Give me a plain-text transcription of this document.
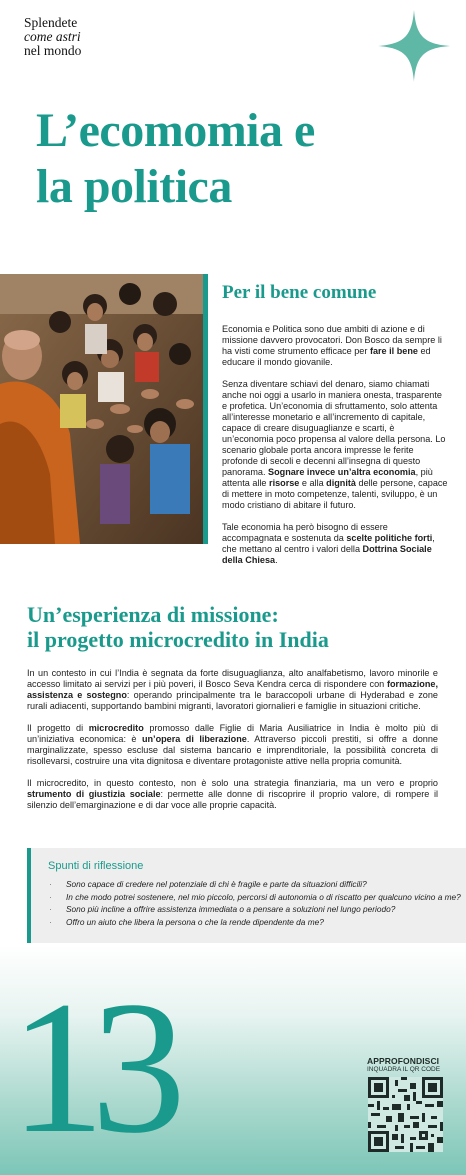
Splendete
come astri
nel mondo
L’ecomomia e
la politica
Per il bene comune

Economia e Politica sono due ambiti di azione e di missione davvero provocatori. Don Bosco da sempre li ha visti come strumento efficace per fare il bene ed educare il mondo giovanile.

Senza diventare schiavi del denaro, siamo chiamati anche noi oggi a usarlo in maniera onesta, trasparente e profetica. Un’economia di sfruttamento, solo attenta all’interesse monetario e all’incremento di capitale, capace di creare disuguaglianze e scarti, è un’economia poco propensa al valore della persona. Lo scenario globale porta ancora impresse le ferite profonde di secoli e decenni all’insegna di questo panorama. Sognare invece un’altra economia, più attenta alle risorse e alla dignità delle persone, capace di mettere in moto competenze, talenti, sviluppo, è un modo cristiano di abitare il futuro.

Tale economia ha però bisogno di essere accompagnata e sostenuta da scelte politiche forti, che mettano al centro i valori della Dottrina Sociale della Chiesa.

Un’esperienza di missione:
il progetto microcredito in India

In un contesto in cui l’India è segnata da forte disuguaglianza, alto analfabetismo, lavoro minorile e accesso limitato ai servizi per i più poveri, il Bosco Seva Kendra cerca di rispondere con formazione, assistenza e sostegno: operando principalmente tra le baraccopoli urbane di Hyderabad e zone rurali adiacenti, supportando bambini migranti, lavoratori giornalieri e famiglie in situazioni critiche.

Il progetto di microcredito promosso dalle Figlie di Maria Ausiliatrice in India è molto più di un’iniziativa economica: è un’opera di liberazione. Attraverso piccoli prestiti, si offre a donne marginalizzate, spesso escluse dal sistema bancario e imprenditoriale, la possibilità concreta di risollevarsi, costruire una vita dignitosa e diventare protagoniste attive nella propria comunità.

Il microcredito, in questo contesto, non è solo una strategia finanziaria, ma un vero e proprio strumento di giustizia sociale: permette alle donne di riscoprire il proprio valore, di rompere il silenzio dell’emarginazione e di dar voce alle proprie capacità.

Spunti di riflessione
· Sono capace di credere nel potenziale di chi è fragile e parte da situazioni difficili?
· In che modo potrei sostenere, nel mio piccolo, percorsi di autonomia o di riscatto per qualcuno vicino a me?
· Sono più incline a offrire assistenza immediata o a pensare a soluzioni nel lungo periodo?
· Offro un aiuto che libera la persona o che la rende dipendente da me?
13	APPROFONDISCI
INQUADRA IL QR CODE
